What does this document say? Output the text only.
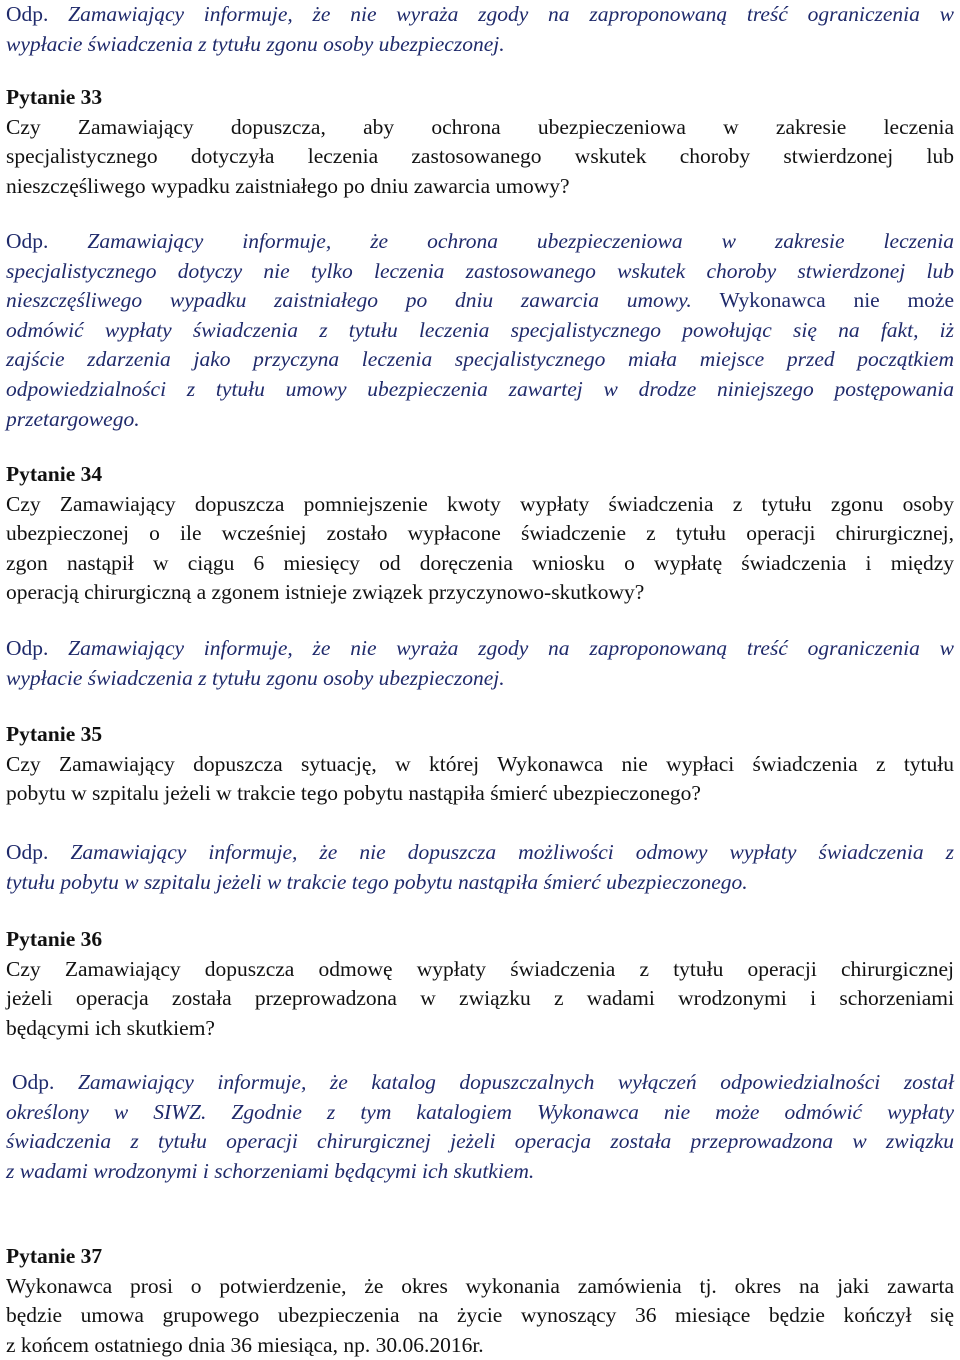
Odp. Zamawiający informuje, że nie wyraża zgody na zaproponowaną treść ograniczenia w
wypłacie świadczenia z tytułu zgonu osoby ubezpieczonej.
Pytanie 33
Czy Zamawiający dopuszcza, aby ochrona ubezpieczeniowa w zakresie leczenia
specjalistycznego dotyczyła leczenia zastosowanego wskutek choroby stwierdzonej lub
nieszczęśliwego wypadku zaistniałego po dniu zawarcia umowy?
Odp. Zamawiający informuje, że ochrona ubezpieczeniowa w zakresie leczenia
specjalistycznego dotyczy nie tylko leczenia zastosowanego wskutek choroby stwierdzonej lub
nieszczęśliwego wypadku zaistniałego po dniu zawarcia umowy. Wykonawca nie może
odmówić wypłaty świadczenia z tytułu leczenia specjalistycznego powołując się na fakt, iż
zajście zdarzenia jako przyczyna leczenia specjalistycznego miała miejsce przed początkiem
odpowiedzialności z tytułu umowy ubezpieczenia zawartej w drodze niniejszego postępowania
przetargowego.
Pytanie 34
Czy Zamawiający dopuszcza pomniejszenie kwoty wypłaty świadczenia z tytułu zgonu osoby
ubezpieczonej o ile wcześniej zostało wypłacone świadczenie z tytułu operacji chirurgicznej,
zgon nastąpił w ciągu 6 miesięcy od doręczenia wniosku o wypłatę świadczenia i między
operacją chirurgiczną a zgonem istnieje związek przyczynowo-skutkowy?
Odp. Zamawiający informuje, że nie wyraża zgody na zaproponowaną treść ograniczenia w
wypłacie świadczenia z tytułu zgonu osoby ubezpieczonej.
Pytanie 35
Czy Zamawiający dopuszcza sytuację, w której Wykonawca nie wypłaci świadczenia z tytułu
pobytu w szpitalu jeżeli w trakcie tego pobytu nastąpiła śmierć ubezpieczonego?
Odp. Zamawiający informuje, że nie dopuszcza możliwości odmowy wypłaty świadczenia z
tytułu pobytu w szpitalu jeżeli w trakcie tego pobytu nastąpiła śmierć ubezpieczonego.
Pytanie 36
Czy Zamawiający dopuszcza odmowę wypłaty świadczenia z tytułu operacji chirurgicznej
jeżeli operacja została przeprowadzona w związku z wadami wrodzonymi i schorzeniami
będącymi ich skutkiem?
Odp. Zamawiający informuje, że katalog dopuszczalnych wyłączeń odpowiedzialności został
określony w SIWZ. Zgodnie z tym katalogiem Wykonawca nie może odmówić wypłaty
świadczenia z tytułu operacji chirurgicznej jeżeli operacja została przeprowadzona w związku
z wadami wrodzonymi i schorzeniami będącymi ich skutkiem.
Pytanie 37
Wykonawca prosi o potwierdzenie, że okres wykonania zamówienia tj. okres na jaki zawarta
będzie umowa grupowego ubezpieczenia na życie wynoszący 36 miesiące będzie kończył się
z końcem ostatniego dnia 36 miesiąca, np. 30.06.2016r.
